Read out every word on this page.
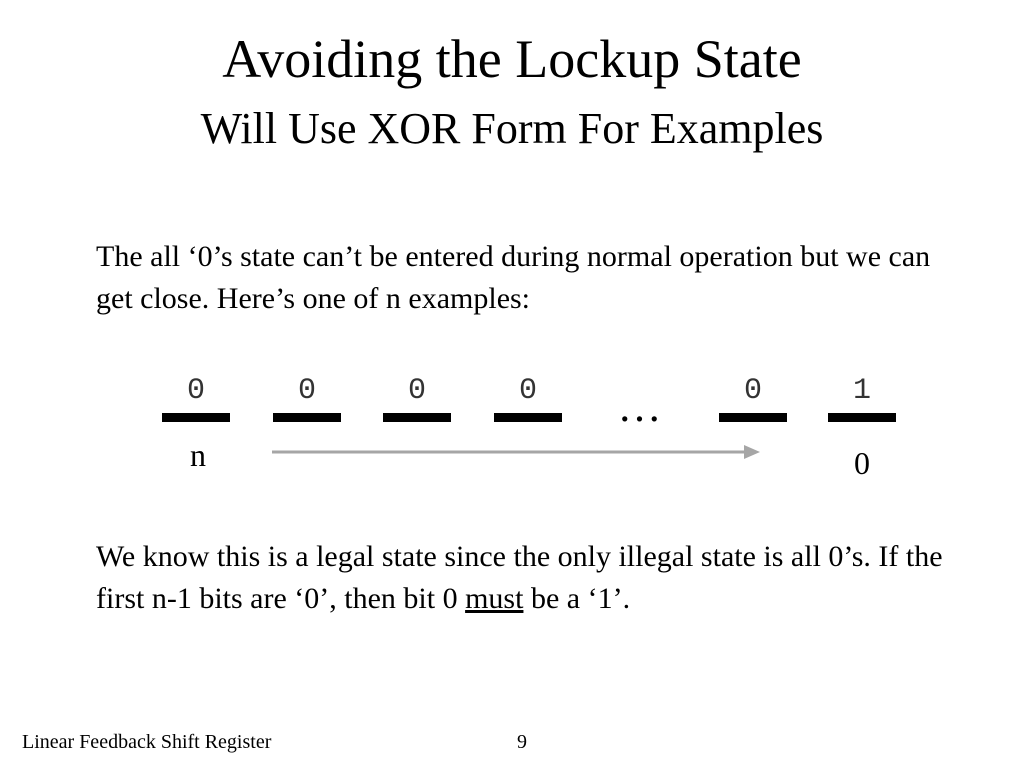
Avoiding the Lockup State
Will Use XOR Form For Examples
The all ‘0’s state can’t be entered during normal operation but we can get close. Here’s one of n examples:
0	0	0	0	0	1
…
n	0
We know this is a legal state since the only illegal state is all 0’s. If the first n-1 bits are ‘0’, then bit 0 must be a ‘1’.
Linear Feedback Shift Register	9
